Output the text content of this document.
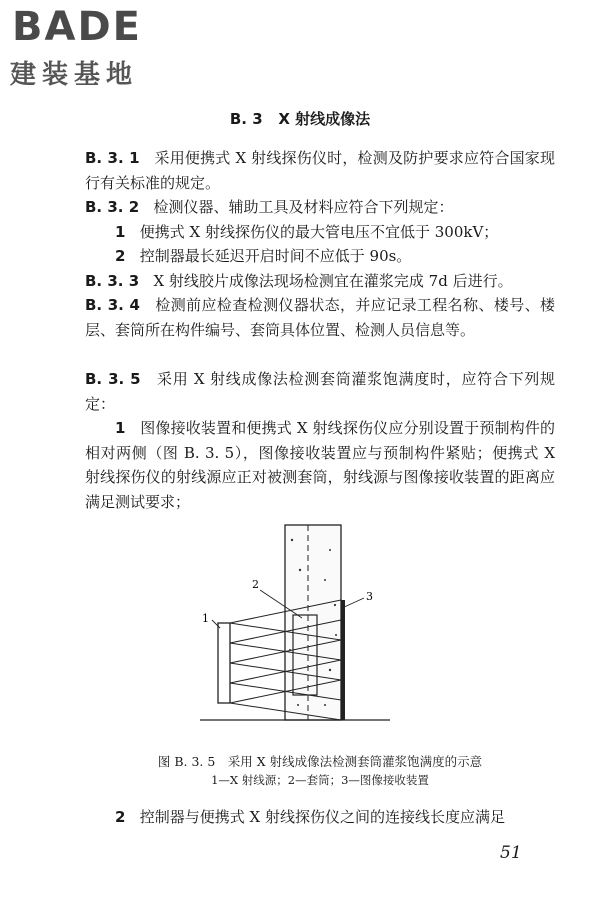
BADE
建装基地
B. 3 X 射线成像法
B. 3. 1 采用便携式 X 射线探伤仪时，检测及防护要求应符合国家现行有关标准的规定。
B. 3. 2 检测仪器、辅助工具及材料应符合下列规定：
1 便携式 X 射线探伤仪的最大管电压不宜低于 300kV；
2 控制器最长延迟开启时间不应低于 90s。
B. 3. 3 X 射线胶片成像法现场检测宜在灌浆完成 7d 后进行。
B. 3. 4 检测前应检查检测仪器状态，并应记录工程名称、楼号、楼层、套筒所在构件编号、套筒具体位置、检测人员信息等。
B. 3. 5 采用 X 射线成像法检测套筒灌浆饱满度时，应符合下列规定：
1 图像接收装置和便携式 X 射线探伤仪应分别设置于预制构件的相对两侧（图 B. 3. 5），图像接收装置应与预制构件紧贴；便携式 X 射线探伤仪的射线源应正对被测套筒，射线源与图像接收装置的距离应满足测试要求；
1
2
3
图 B. 3. 5　采用 X 射线成像法检测套筒灌浆饱满度的示意
1—X 射线源；2—套筒；3—图像接收装置
2 控制器与便携式 X 射线探伤仪之间的连接线长度应满足
51
